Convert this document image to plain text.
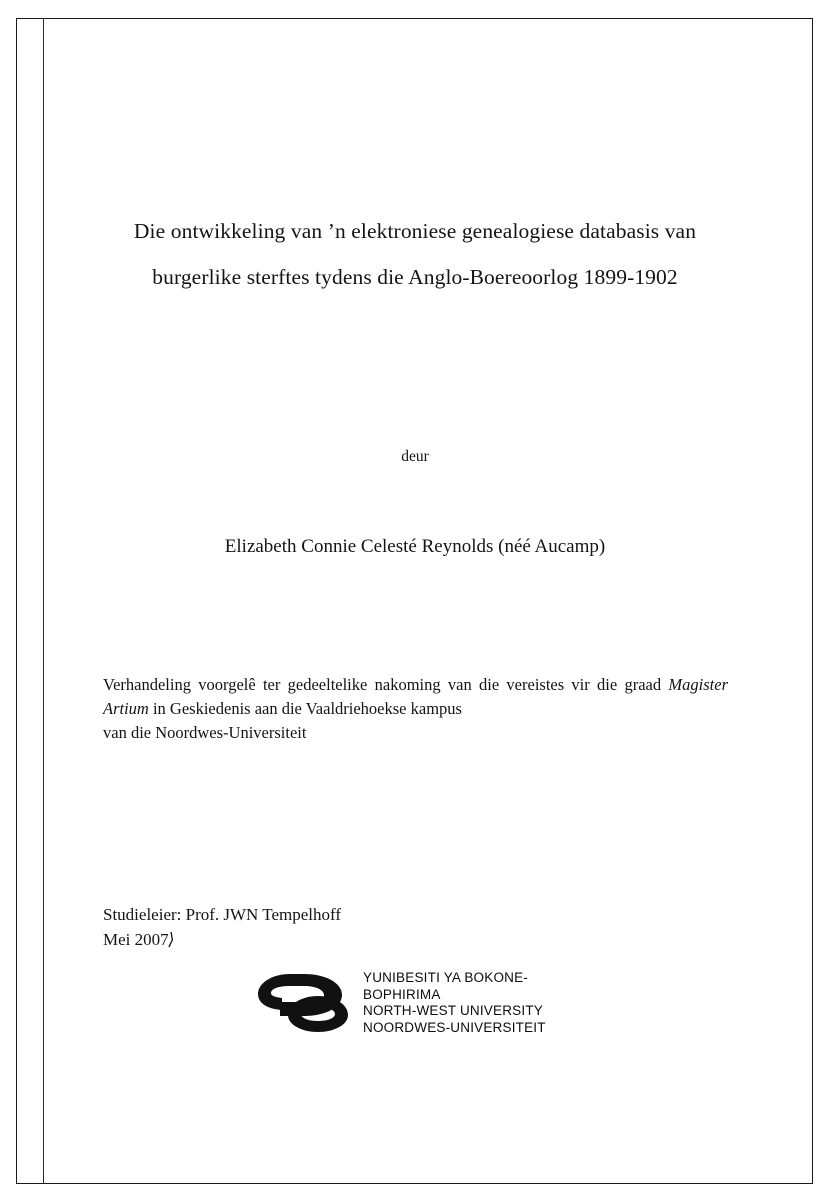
Die ontwikkeling van ’n elektroniese genealogiese databasis van
burgerlike sterftes tydens die Anglo-Boereoorlog 1899-1902
deur
Elizabeth Connie Celesté Reynolds (néé Aucamp)
Verhandeling voorgelê ter gedeeltelike nakoming van die vereistes vir die graad Magister Artium in Geskiedenis aan die Vaaldriehoekse kampus
van die Noordwes-Universiteit
Studieleier: Prof. JWN Tempelhoff
Mei 2007⟩
YUNIBESITI YA BOKONE-BOPHIRIMA
NORTH-WEST UNIVERSITY
NOORDWES-UNIVERSITEIT
